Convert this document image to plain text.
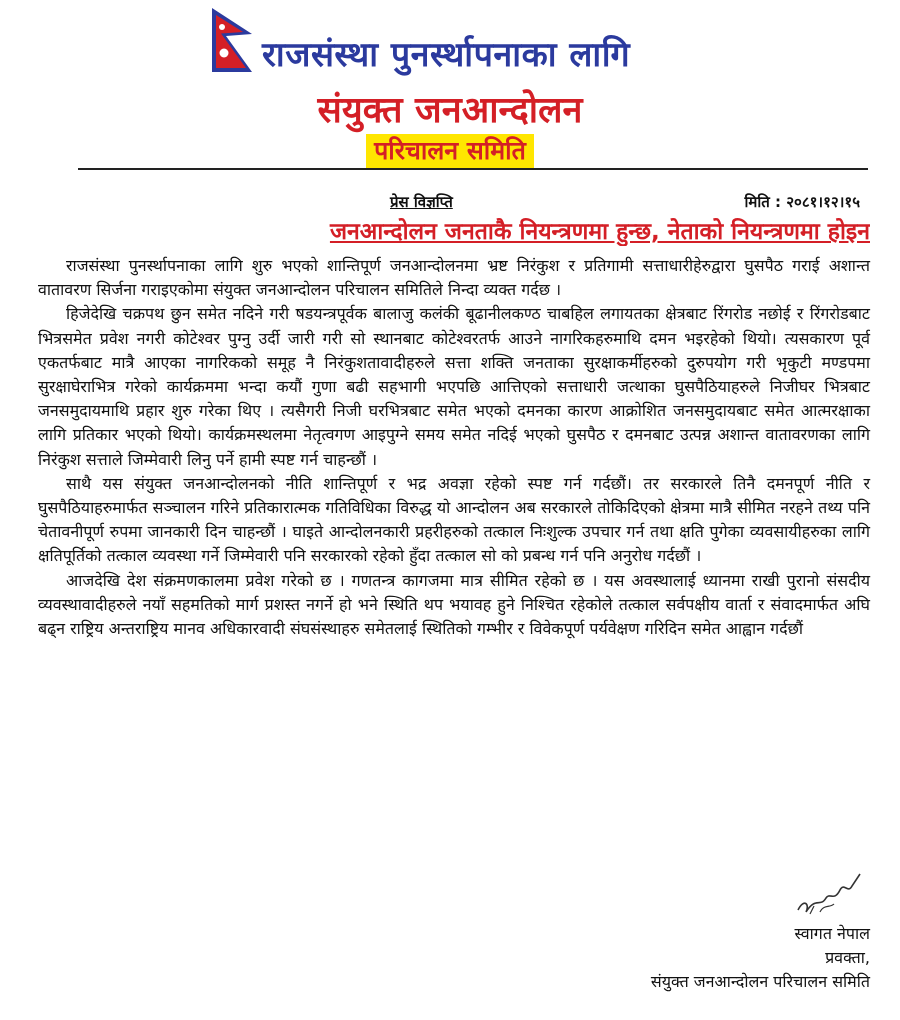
राजसंस्था पुनर्स्थापनाका लागि
संयुक्त जनआन्दोलन
परिचालन समिति
प्रेस विज्ञप्ति	मिति : २०८१।१२।१५
जनआन्दोलन जनताकै नियन्त्रणमा हुन्छ, नेताको नियन्त्रणमा होइन

राजसंस्था पुनर्स्थापनाका लागि शुरु भएको शान्तिपूर्ण जनआन्दोलनमा भ्रष्ट निरंकुश र प्रतिगामी सत्ताधारीहेरुद्वारा घुसपैठ गराई अशान्त वातावरण सिर्जना गराइएकोमा संयुक्त जनआन्दोलन परिचालन समितिले निन्दा व्यक्त गर्दछ ।

हिजेदेखि चक्रपथ छुन समेत नदिने गरी षडयन्त्रपूर्वक बालाजु कलंकी बूढानीलकण्ठ चाबहिल लगायतका क्षेत्रबाट रिंगरोड नछोई र रिंगरोडबाट भित्रसमेत प्रवेश नगरी कोटेश्वर पुग्नु उर्दी जारी गरी सो स्थानबाट कोटेश्वरतर्फ आउने नागरिकहरुमाथि दमन भइरहेको थियो। त्यसकारण पूर्व एकतर्फबाट मात्रै आएका नागरिकको समूह नै निरंकुशतावादीहरुले सत्ता शक्ति जनताका सुरक्षाकर्मीहरुको दुरुपयोग गरी भृकुटी मण्डपमा सुरक्षाघेराभित्र गरेको कार्यक्रममा भन्दा कयौं गुणा बढी सहभागी भएपछि आत्तिएको सत्ताधारी जत्थाका घुसपैठियाहरुले निजीघर भित्रबाट जनसमुदायमाथि प्रहार शुरु गरेका थिए । त्यसैगरी निजी घरभित्रबाट समेत भएको दमनका कारण आक्रोशित जनसमुदायबाट समेत आत्मरक्षाका लागि प्रतिकार भएको थियो। कार्यक्रमस्थलमा नेतृत्वगण आइपुग्ने समय समेत नदिई भएको घुसपैठ र दमनबाट उत्पन्न अशान्त वातावरणका लागि निरंकुश सत्ताले जिम्मेवारी लिनु पर्ने हामी स्पष्ट गर्न चाहन्छौं ।

साथै यस संयुक्त जनआन्दोलनको नीति शान्तिपूर्ण र भद्र अवज्ञा रहेको स्पष्ट गर्न गर्दछौं। तर सरकारले तिनै दमनपूर्ण नीति र घुसपैठियाहरुमार्फत सञ्चालन गरिने प्रतिकारात्मक गतिविधिका विरुद्ध यो आन्दोलन अब सरकारले तोकिदिएको क्षेत्रमा मात्रै सीमित नरहने तथ्य पनि चेतावनीपूर्ण रुपमा जानकारी दिन चाहन्छौं । घाइते आन्दोलनकारी प्रहरीहरुको तत्काल निःशुल्क उपचार गर्न तथा क्षति पुगेका व्यवसायीहरुका लागि क्षतिपूर्तिको तत्काल व्यवस्था गर्ने जिम्मेवारी पनि सरकारको रहेको हुँदा तत्काल सो को प्रबन्ध गर्न पनि अनुरोध गर्दछौं ।

आजदेखि देश संक्रमणकालमा प्रवेश गरेको छ । गणतन्त्र कागजमा मात्र सीमित रहेको छ । यस अवस्थालाई ध्यानमा राखी पुरानो संसदीय व्यवस्थावादीहरुले नयाँ सहमतिको मार्ग प्रशस्त नगर्ने हो भने स्थिति थप भयावह हुने निश्चित रहेकोले तत्काल सर्वपक्षीय वार्ता र संवादमार्फत अघि बढ्न राष्ट्रिय अन्तराष्ट्रिय मानव अधिकारवादी संघसंस्थाहरु समेतलाई स्थितिको गम्भीर र विवेकपूर्ण पर्यवेक्षण गरिदिन समेत आह्वान गर्दछौं

स्वागत नेपाल
प्रवक्ता,
संयुक्त जनआन्दोलन परिचालन समिति
